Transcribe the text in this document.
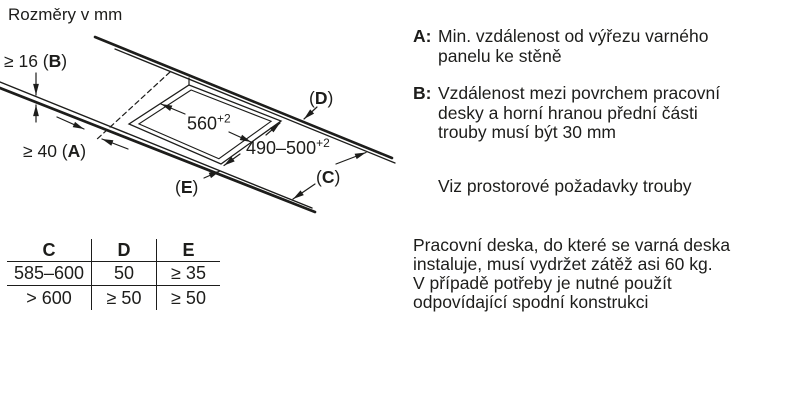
Rozměry v mm
$560^{+2}$
$490-500^{+2}$
≥ 16 (B)
≥ 40 (A)
(D)
(C)
(E)
C	D	E
585–600	50	≥ 35
> 600	≥ 50	≥ 50
A: Min. vzdálenost od výřezu varného
panelu ke stěně
B: Vzdálenost mezi povrchem pracovní
desky a horní hranou přední části
trouby musí být 30 mm
Viz prostorové požadavky trouby
Pracovní deska, do které se varná deska
instaluje, musí vydržet zátěž asi 60 kg.
V případě potřeby je nutné použít
odpovídající spodní konstrukci
